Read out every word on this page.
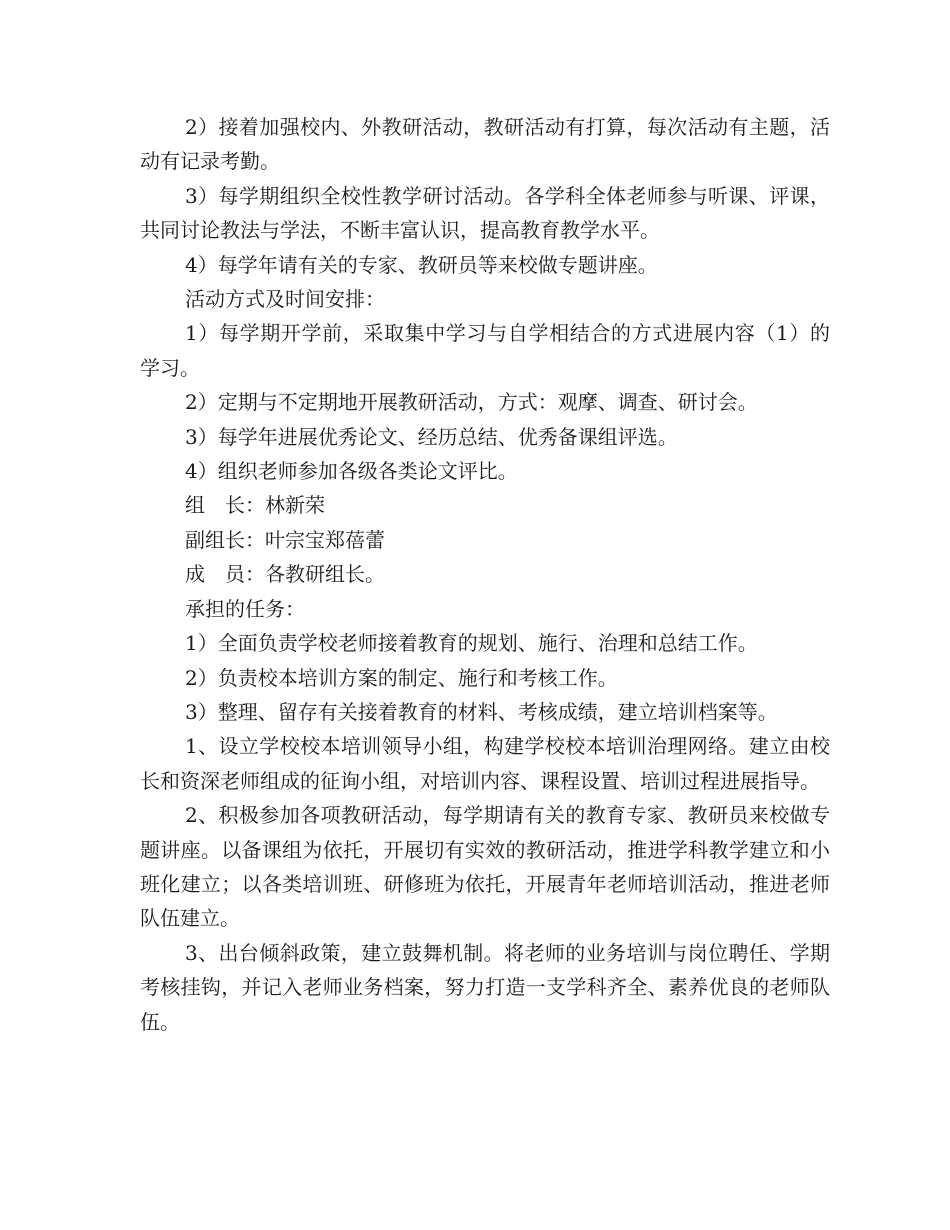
2）接着加强校内、外教研活动，教研活动有打算，每次活动有主题，活动有记录考勤。

3）每学期组织全校性教学研讨活动。各学科全体老师参与听课、评课，共同讨论教法与学法，不断丰富认识，提高教育教学水平。

4）每学年请有关的专家、教研员等来校做专题讲座。

活动方式及时间安排：

1）每学期开学前，采取集中学习与自学相结合的方式进展内容（1）的学习。

2）定期与不定期地开展教研活动，方式：观摩、调查、研讨会。

3）每学年进展优秀论文、经历总结、优秀备课组评选。

4）组织老师参加各级各类论文评比。

组　长：林新荣

副组长：叶宗宝郑蓓蕾

成　员：各教研组长。

承担的任务：

1）全面负责学校老师接着教育的规划、施行、治理和总结工作。

2）负责校本培训方案的制定、施行和考核工作。

3）整理、留存有关接着教育的材料、考核成绩，建立培训档案等。

1、设立学校校本培训领导小组，构建学校校本培训治理网络。建立由校长和资深老师组成的征询小组，对培训内容、课程设置、培训过程进展指导。

2、积极参加各项教研活动，每学期请有关的教育专家、教研员来校做专题讲座。以备课组为依托，开展切有实效的教研活动，推进学科教学建立和小班化建立；以各类培训班、研修班为依托，开展青年老师培训活动，推进老师队伍建立。

3、出台倾斜政策，建立鼓舞机制。将老师的业务培训与岗位聘任、学期考核挂钩，并记入老师业务档案，努力打造一支学科齐全、素养优良的老师队伍。
